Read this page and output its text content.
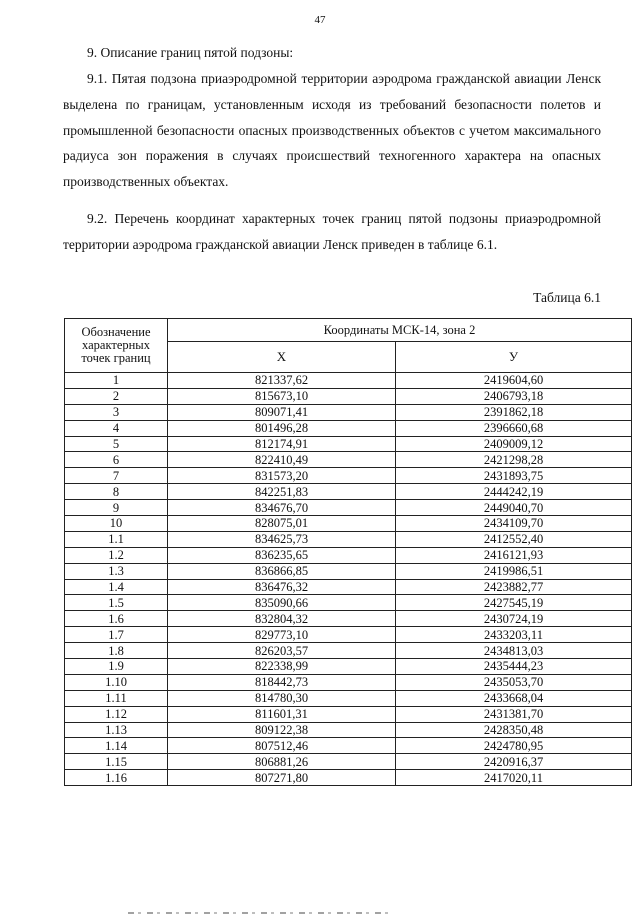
47
9. Описание границ пятой подзоны:
9.1. Пятая подзона приаэродромной территории аэродрома гражданской авиации Ленск выделена по границам, установленным исходя из требований безопасности полетов и промышленной безопасности опасных производственных объектов с учетом максимального радиуса зон поражения в случаях происшествий техногенного характера на опасных производственных объектах.
9.2. Перечень координат характерных точек границ пятой подзоны приаэродромной территории аэродрома гражданской авиации Ленск приведен в таблице 6.1.
Таблица 6.1
Обозначение характерных точек границ	Координаты МСК-14, зона 2	
	Х	У
1	821337,62	2419604,60
2	815673,10	2406793,18
3	809071,41	2391862,18
4	801496,28	2396660,68
5	812174,91	2409009,12
6	822410,49	2421298,28
7	831573,20	2431893,75
8	842251,83	2444242,19
9	834676,70	2449040,70
10	828075,01	2434109,70
1.1	834625,73	2412552,40
1.2	836235,65	2416121,93
1.3	836866,85	2419986,51
1.4	836476,32	2423882,77
1.5	835090,66	2427545,19
1.6	832804,32	2430724,19
1.7	829773,10	2433203,11
1.8	826203,57	2434813,03
1.9	822338,99	2435444,23
1.10	818442,73	2435053,70
1.11	814780,30	2433668,04
1.12	811601,31	2431381,70
1.13	809122,38	2428350,48
1.14	807512,46	2424780,95
1.15	806881,26	2420916,37
1.16	807271,80	2417020,11
